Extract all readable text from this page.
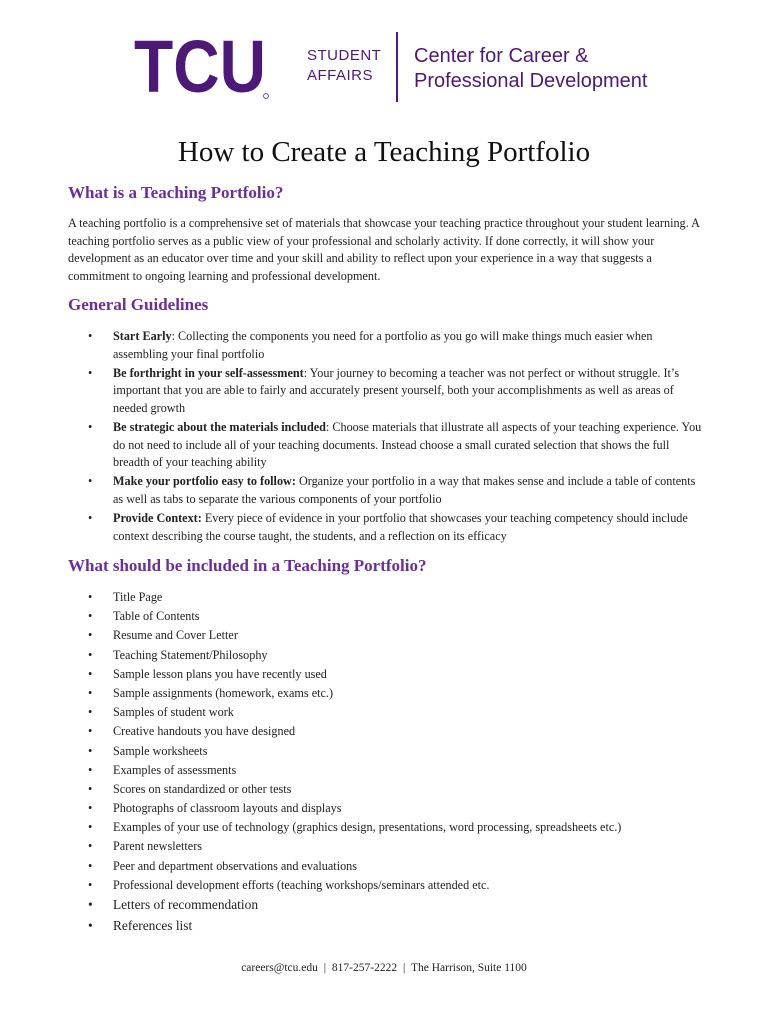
TCU	STUDENT
AFFAIRS
Center for Career &
Professional Development
How to Create a Teaching Portfolio
What is a Teaching Portfolio?

A teaching portfolio is a comprehensive set of materials that showcase your teaching practice throughout your student learning. A teaching portfolio serves as a public view of your professional and scholarly activity. If done correctly, it will show your development as an educator over time and your skill and ability to reflect upon your experience in a way that suggests a commitment to ongoing learning and professional development.

General Guidelines
• Start Early: Collecting the components you need for a portfolio as you go will make things much easier when assembling your final portfolio
• Be forthright in your self-assessment: Your journey to becoming a teacher was not perfect or without struggle. It’s important that you are able to fairly and accurately present yourself, both your accomplishments as well as areas of needed growth
• Be strategic about the materials included: Choose materials that illustrate all aspects of your teaching experience. You do not need to include all of your teaching documents. Instead choose a small curated selection that shows the full breadth of your teaching ability
• Make your portfolio easy to follow: Organize your portfolio in a way that makes sense and include a table of contents as well as tabs to separate the various components of your portfolio
• Provide Context: Every piece of evidence in your portfolio that showcases your teaching competency should include context describing the course taught, the students, and a reflection on its efficacy
What should be included in a Teaching Portfolio?
• Title Page
• Table of Contents
• Resume and Cover Letter
• Teaching Statement/Philosophy
• Sample lesson plans you have recently used
• Sample assignments (homework, exams etc.)
• Samples of student work
• Creative handouts you have designed
• Sample worksheets
• Examples of assessments
• Scores on standardized or other tests
• Photographs of classroom layouts and displays
• Examples of your use of technology (graphics design, presentations, word processing, spreadsheets etc.)
• Parent newsletters
• Peer and department observations and evaluations
• Professional development efforts (teaching workshops/seminars attended etc.
• Letters of recommendation
• References list
careers@tcu.edu | 817-257-2222 | The Harrison, Suite 1100
